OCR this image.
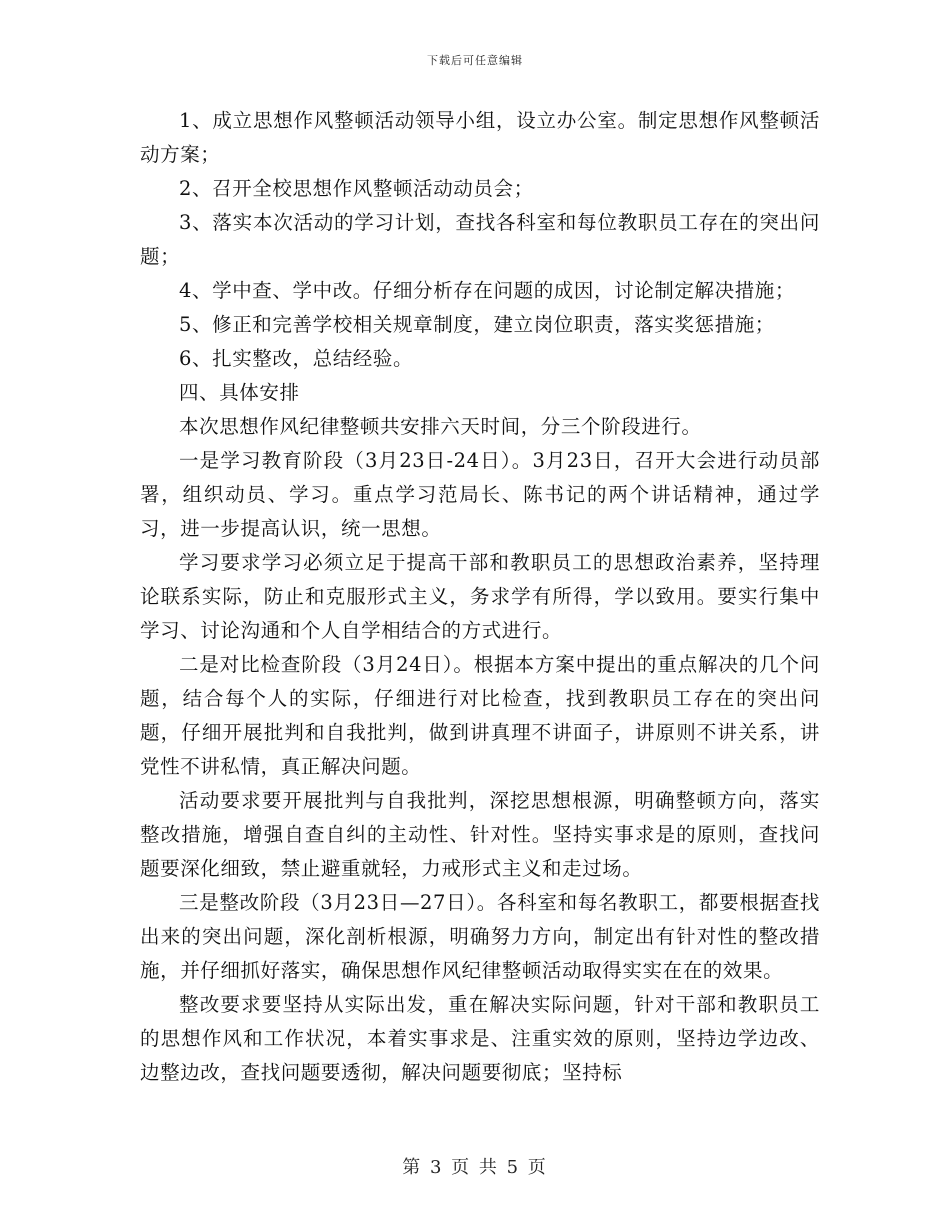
下载后可任意编辑

1、成立思想作风整顿活动领导小组，设立办公室。制定思想作风整顿活动方案；

2、召开全校思想作风整顿活动动员会；

3、落实本次活动的学习计划，查找各科室和每位教职员工存在的突出问题；

4、学中查、学中改。仔细分析存在问题的成因，讨论制定解决措施；

5、修正和完善学校相关规章制度，建立岗位职责，落实奖惩措施；

6、扎实整改，总结经验。

四、具体安排

本次思想作风纪律整顿共安排六天时间，分三个阶段进行。

一是学习教育阶段（3月23日-24日）。3月23日，召开大会进行动员部署，组织动员、学习。重点学习范局长、陈书记的两个讲话精神，通过学习，进一步提高认识，统一思想。

学习要求学习必须立足于提高干部和教职员工的思想政治素养，坚持理论联系实际，防止和克服形式主义，务求学有所得，学以致用。要实行集中学习、讨论沟通和个人自学相结合的方式进行。

二是对比检查阶段（3月24日）。根据本方案中提出的重点解决的几个问题，结合每个人的实际，仔细进行对比检查，找到教职员工存在的突出问题，仔细开展批判和自我批判，做到讲真理不讲面子，讲原则不讲关系，讲党性不讲私情，真正解决问题。

活动要求要开展批判与自我批判，深挖思想根源，明确整顿方向，落实整改措施，增强自查自纠的主动性、针对性。坚持实事求是的原则，查找问题要深化细致，禁止避重就轻，力戒形式主义和走过场。

三是整改阶段（3月23日—27日）。各科室和每名教职工，都要根据查找出来的突出问题，深化剖析根源，明确努力方向，制定出有针对性的整改措施，并仔细抓好落实，确保思想作风纪律整顿活动取得实实在在的效果。

整改要求要坚持从实际出发，重在解决实际问题，针对干部和教职员工的思想作风和工作状况，本着实事求是、注重实效的原则，坚持边学边改、边整边改，查找问题要透彻，解决问题要彻底；坚持标

第 3 页 共 5 页
